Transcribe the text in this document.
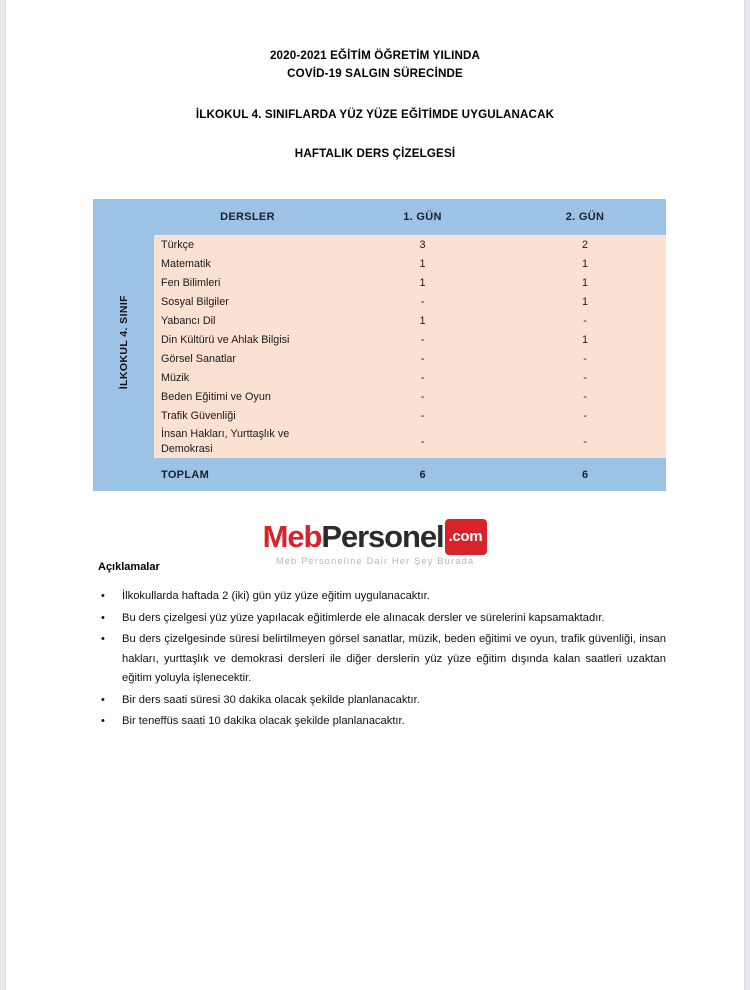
2020-2021 EĞİTİM ÖĞRETİM YILINDA
COVİD-19 SALGIN SÜRECİNDE
İLKOKUL 4. SINIFLARDA YÜZ YÜZE EĞİTİMDE UYGULANACAK
HAFTALIK DERS ÇİZELGESİ
İLKOKUL 4. SINIF	DERSLER	1. GÜN	2. GÜN
	Türkçe	3	2
	Matematik	1	1
	Fen Bilimleri	1	1
	Sosyal Bilgiler	-	1
	Yabancı Dil	1	-
	Din Kültürü ve Ahlak Bilgisi	-	1
	Görsel Sanatlar	-	-
	Müzik	-	-
	Beden Eğitimi ve Oyun	-	-
	Trafik Güvenliği	-	-
	İnsan Hakları, Yurttaşlık ve Demokrasi	-	-
	TOPLAM	6	6
MebPersonel .com
Meb Personeline Dair Her Şey Burada
Açıklamalar
• İlkokullarda haftada 2 (iki) gün yüz yüze eğitim uygulanacaktır.
• Bu ders çizelgesi yüz yüze yapılacak eğitimlerde ele alınacak dersler ve sürelerini kapsamaktadır.
• Bu ders çizelgesinde süresi belirtilmeyen görsel sanatlar, müzik, beden eğitimi ve oyun, trafik güvenliği, insan hakları, yurttaşlık ve demokrasi dersleri ile diğer derslerin yüz yüze eğitim dışında kalan saatleri uzaktan eğitim yoluyla işlenecektir.
• Bir ders saati süresi 30 dakika olacak şekilde planlanacaktır.
• Bir teneffüs saati 10 dakika olacak şekilde planlanacaktır.
